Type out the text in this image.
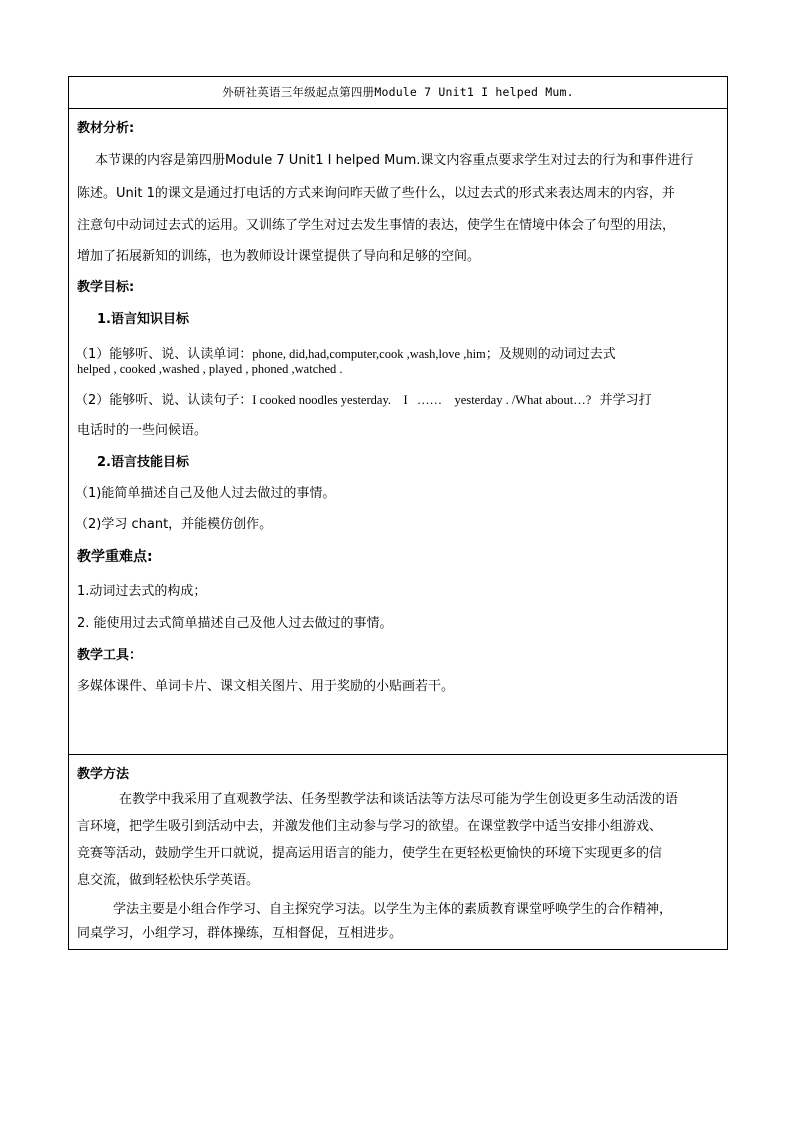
外研社英语三年级起点第四册Module 7 Unit1 I helped Mum.
教材分析:
本节课的内容是第四册Module 7 Unit1 I helped Mum.课文内容重点要求学生对过去的行为和事件进行
陈述。Unit 1的课文是通过打电话的方式来询问昨天做了些什么，以过去式的形式来表达周末的内容，并
注意句中动词过去式的运用。又训练了学生对过去发生事情的表达，使学生在情境中体会了句型的用法，
增加了拓展新知的训练，也为教师设计课堂提供了导向和足够的空间。
教学目标:
1.语言知识目标
（1）能够听、说、认读单词：phone, did,had,computer,cook ,wash,love ,him；及规则的动词过去式
helped , cooked ,washed , played , phoned ,watched .
（2）能够听、说、认读句子：I cooked noodles yesterday.    I   ……    yesterday . /What about…?  并学习打
电话时的一些问候语。
2.语言技能目标
（1)能简单描述自己及他人过去做过的事情。
（2)学习 chant，并能模仿创作。
教学重难点:
1.动词过去式的构成；
2. 能使用过去式简单描述自己及他人过去做过的事情。
教学工具：
多媒体课件、单词卡片、课文相关图片、用于奖励的小贴画若干。
教学方法
在教学中我采用了直观教学法、任务型教学法和谈话法等方法尽可能为学生创设更多生动活泼的语
言环境，把学生吸引到活动中去，并激发他们主动参与学习的欲望。在课堂教学中适当安排小组游戏、
竞赛等活动，鼓励学生开口就说，提高运用语言的能力，使学生在更轻松更愉快的环境下实现更多的信
息交流，做到轻松快乐学英语。
学法主要是小组合作学习、自主探究学习法。以学生为主体的素质教育课堂呼唤学生的合作精神，
同桌学习，小组学习，群体操练，互相督促，互相进步。
